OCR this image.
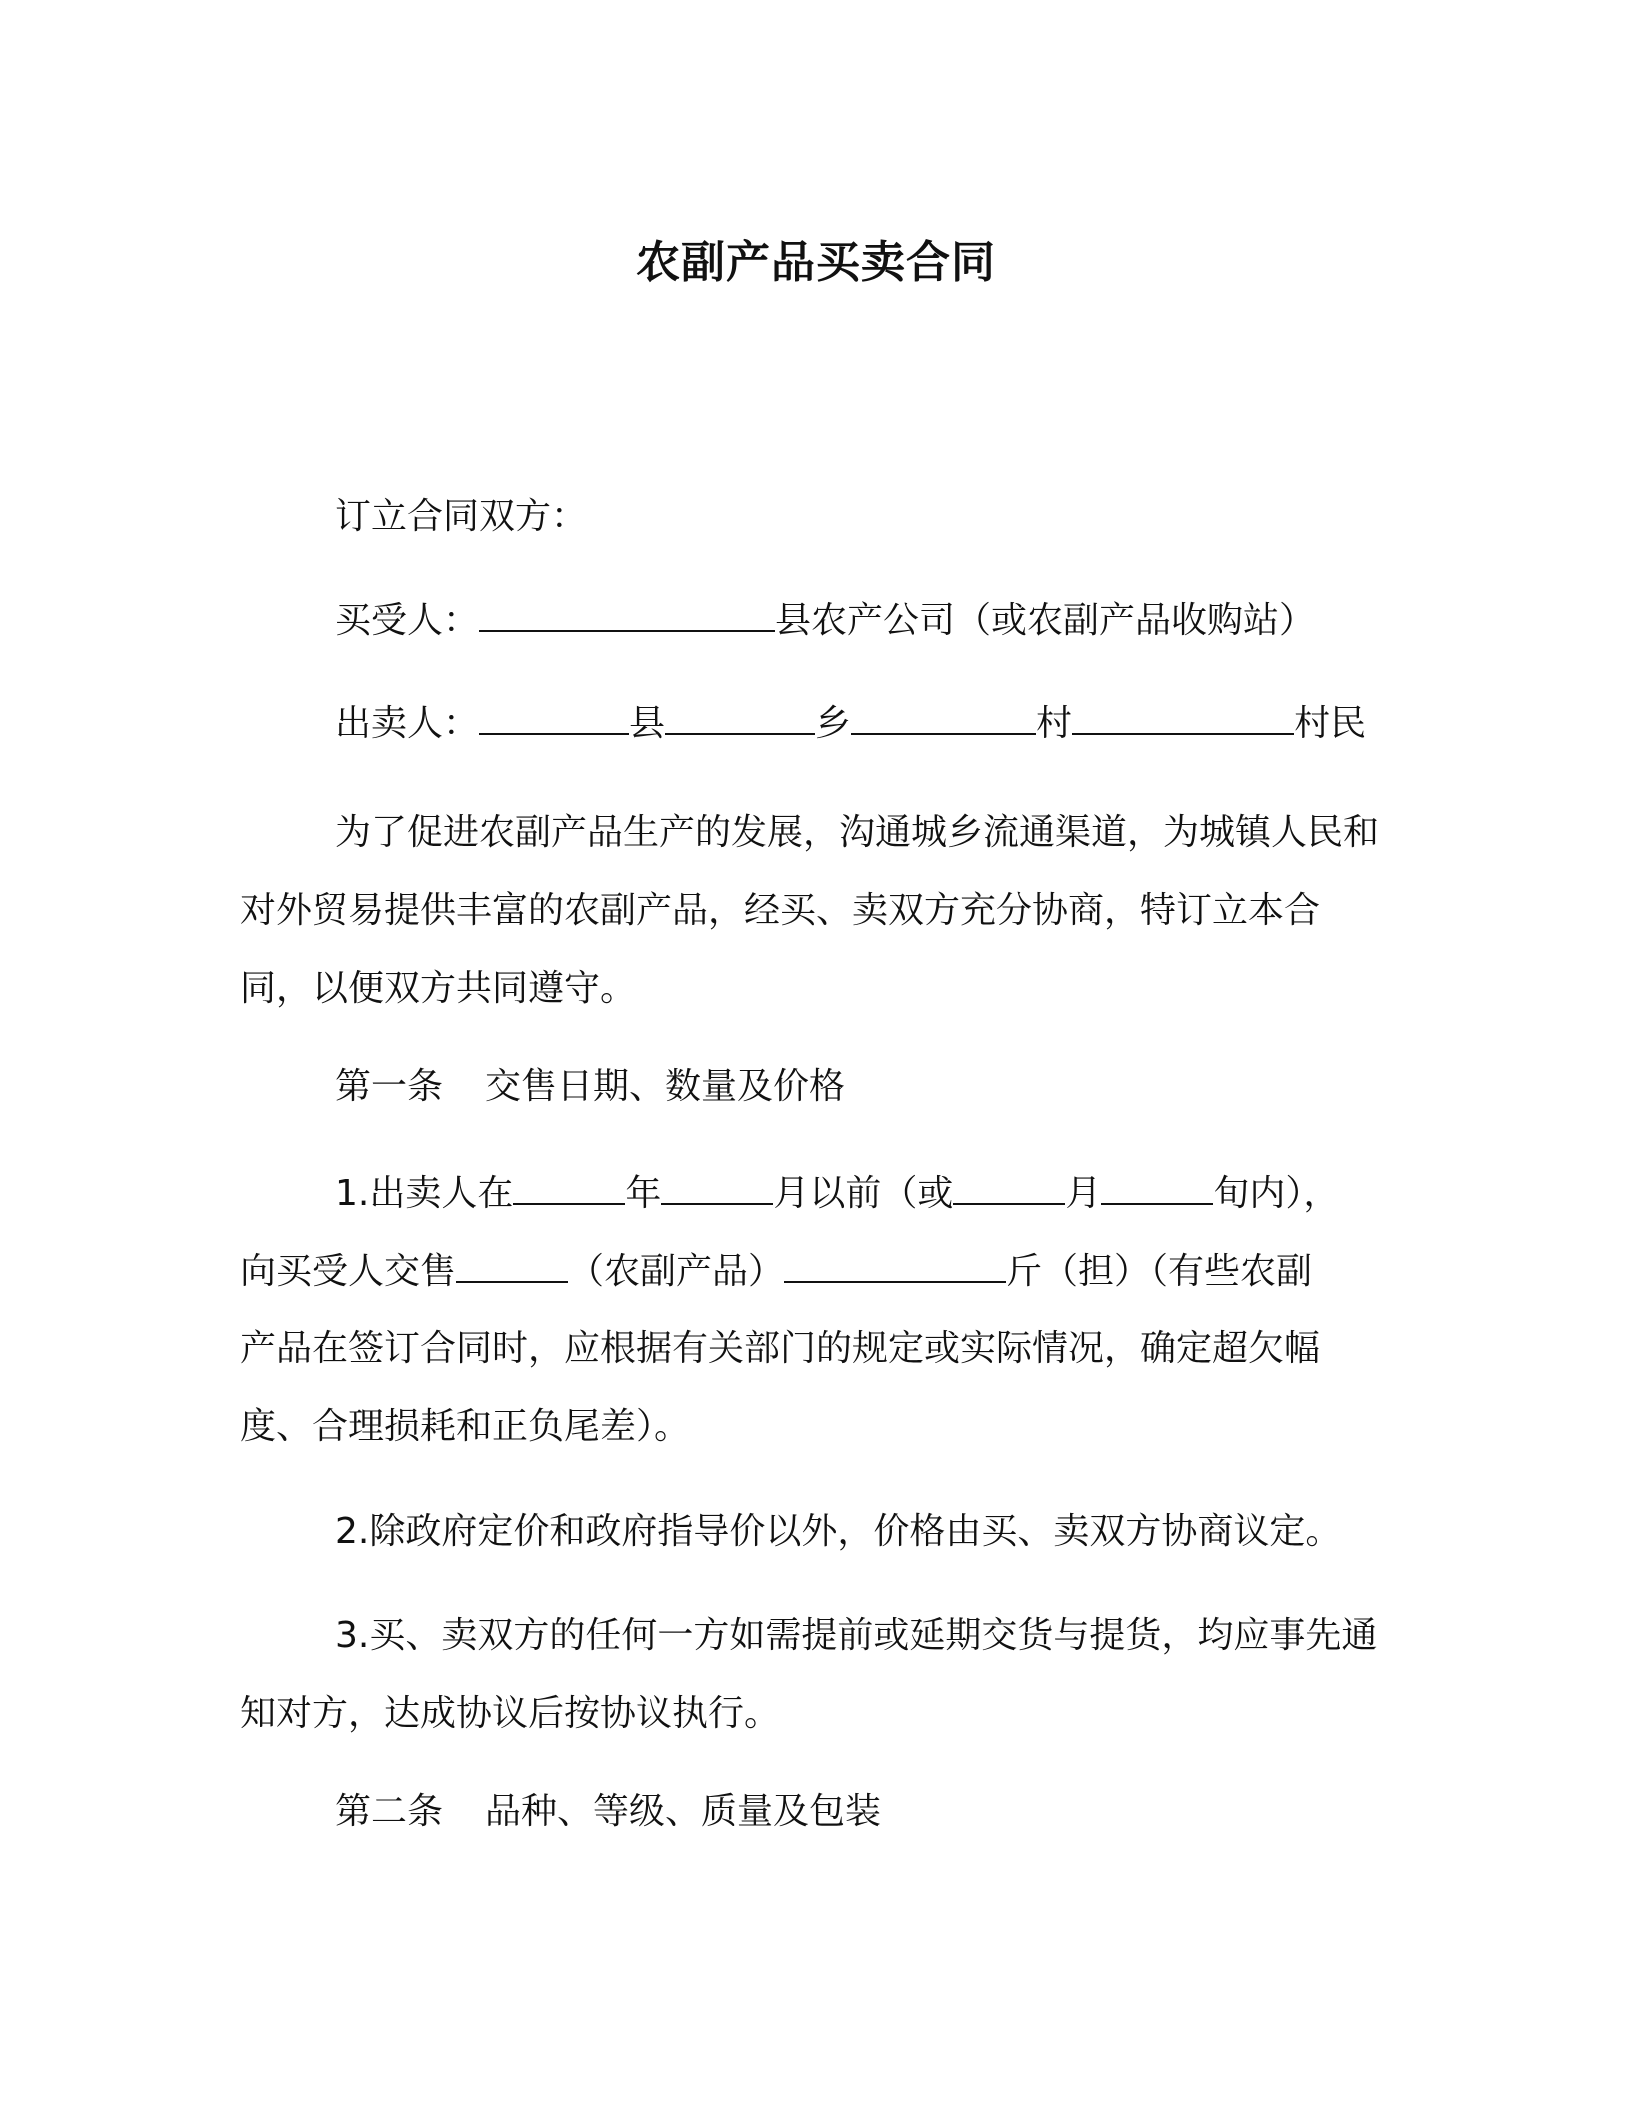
农副产品买卖合同

订立合同双方：

买受人：	县农产公司（或农副产品收购站）

出卖人：	县	乡	村	村民

为了促进农副产品生产的发展，沟通城乡流通渠道，为城镇人民和对外贸易提供丰富的农副产品，经买、卖双方充分协商，特订立本合同，以便双方共同遵守。

第一条 交售日期、数量及价格

1.出卖人在	年	月以前（或	月	旬内），

向买受人交售	（农副产品）	斤（担）（有些农副

产品在签订合同时，应根据有关部门的规定或实际情况，确定超欠幅度、合理损耗和正负尾差）。

2.除政府定价和政府指导价以外，价格由买、卖双方协商议定。

3.买、卖双方的任何一方如需提前或延期交货与提货，均应事先通知对方，达成协议后按协议执行。

第二条 品种、等级、质量及包装
